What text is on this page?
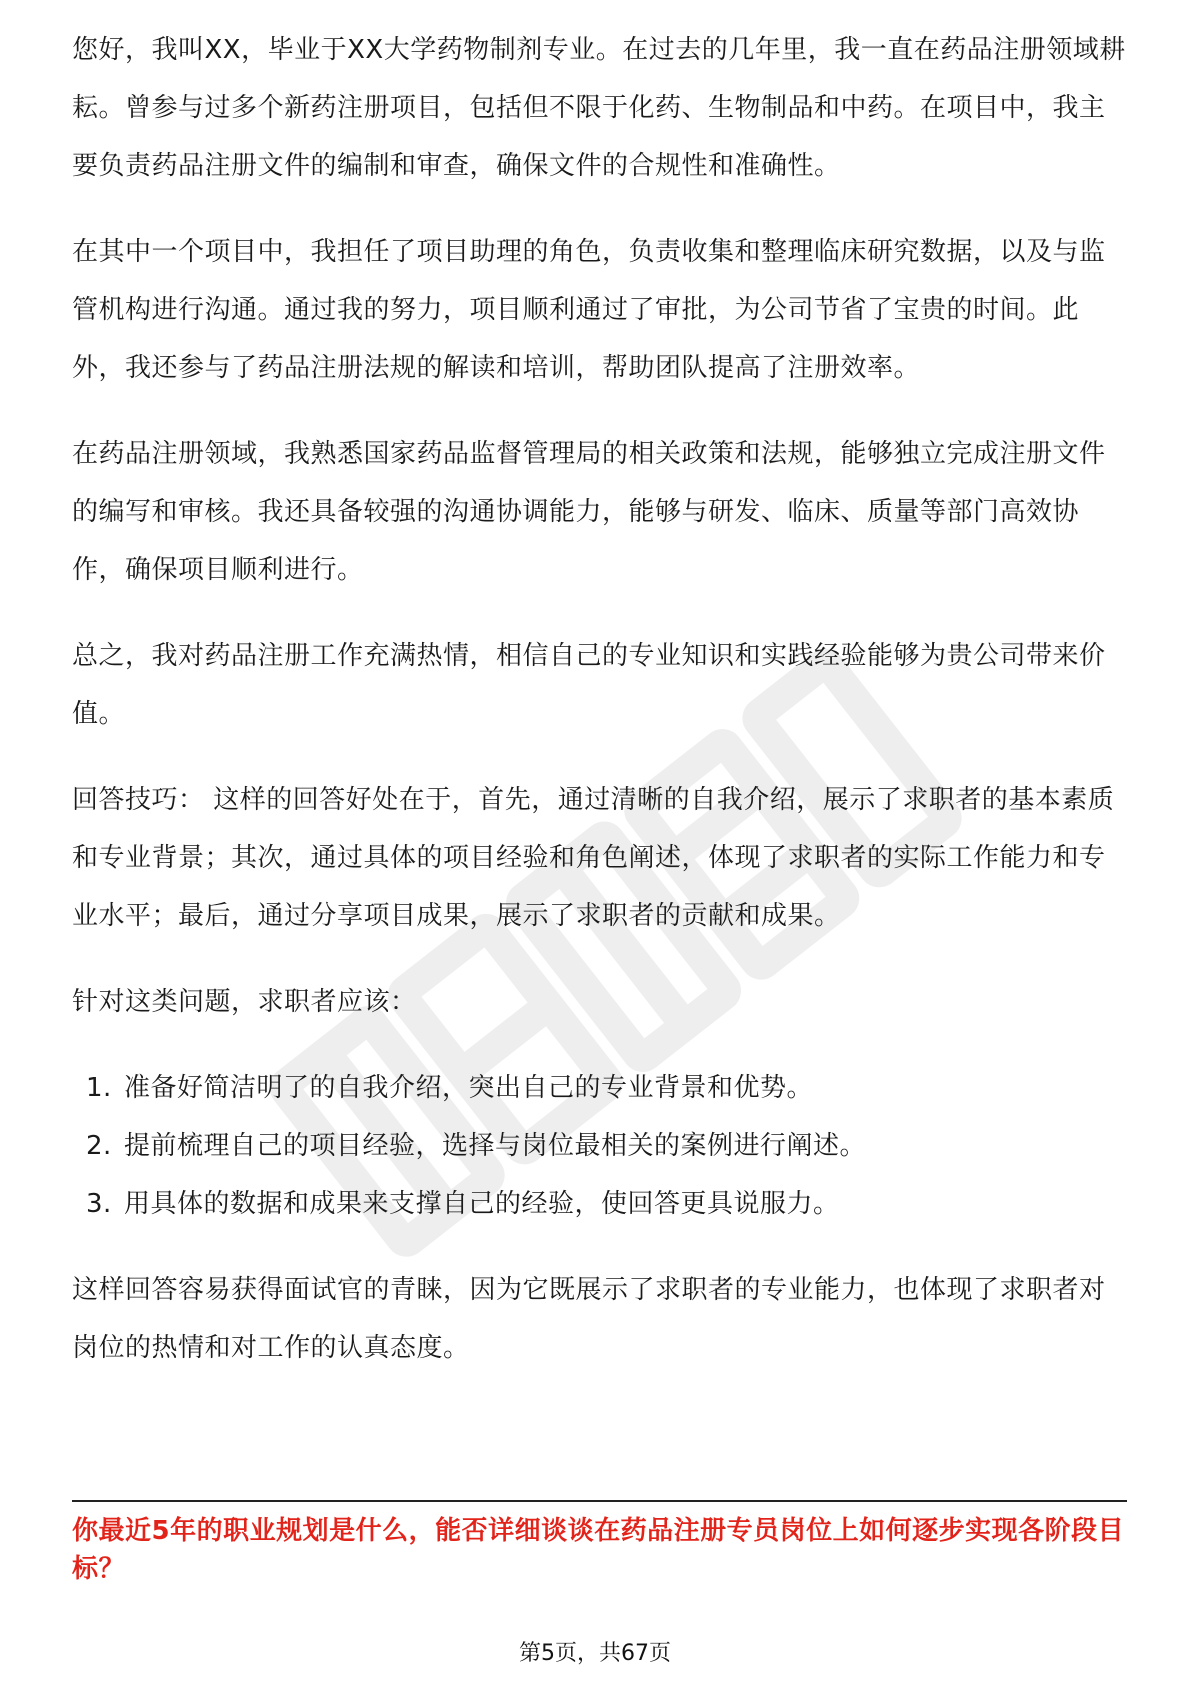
您好，我叫XX，毕业于XX大学药物制剂专业。在过去的几年里，我一直在药品注册领域耕耘。曾参与过多个新药注册项目，包括但不限于化药、生物制品和中药。在项目中，我主要负责药品注册文件的编制和审查，确保文件的合规性和准确性。

在其中一个项目中，我担任了项目助理的角色，负责收集和整理临床研究数据，以及与监管机构进行沟通。通过我的努力，项目顺利通过了审批，为公司节省了宝贵的时间。此外，我还参与了药品注册法规的解读和培训，帮助团队提高了注册效率。

在药品注册领域，我熟悉国家药品监督管理局的相关政策和法规，能够独立完成注册文件的编写和审核。我还具备较强的沟通协调能力，能够与研发、临床、质量等部门高效协作，确保项目顺利进行。

总之，我对药品注册工作充满热情，相信自己的专业知识和实践经验能够为贵公司带来价值。

回答技巧： 这样的回答好处在于，首先，通过清晰的自我介绍，展示了求职者的基本素质和专业背景；其次，通过具体的项目经验和角色阐述，体现了求职者的实际工作能力和专业水平；最后，通过分享项目成果，展示了求职者的贡献和成果。

针对这类问题，求职者应该：

1. 准备好简洁明了的自我介绍，突出自己的专业背景和优势。
2. 提前梳理自己的项目经验，选择与岗位最相关的案例进行阐述。
3. 用具体的数据和成果来支撑自己的经验，使回答更具说服力。

这样回答容易获得面试官的青睐，因为它既展示了求职者的专业能力，也体现了求职者对岗位的热情和对工作的认真态度。

你最近5年的职业规划是什么，能否详细谈谈在药品注册专员岗位上如何逐步实现各阶段目标？
第5页，共67页
